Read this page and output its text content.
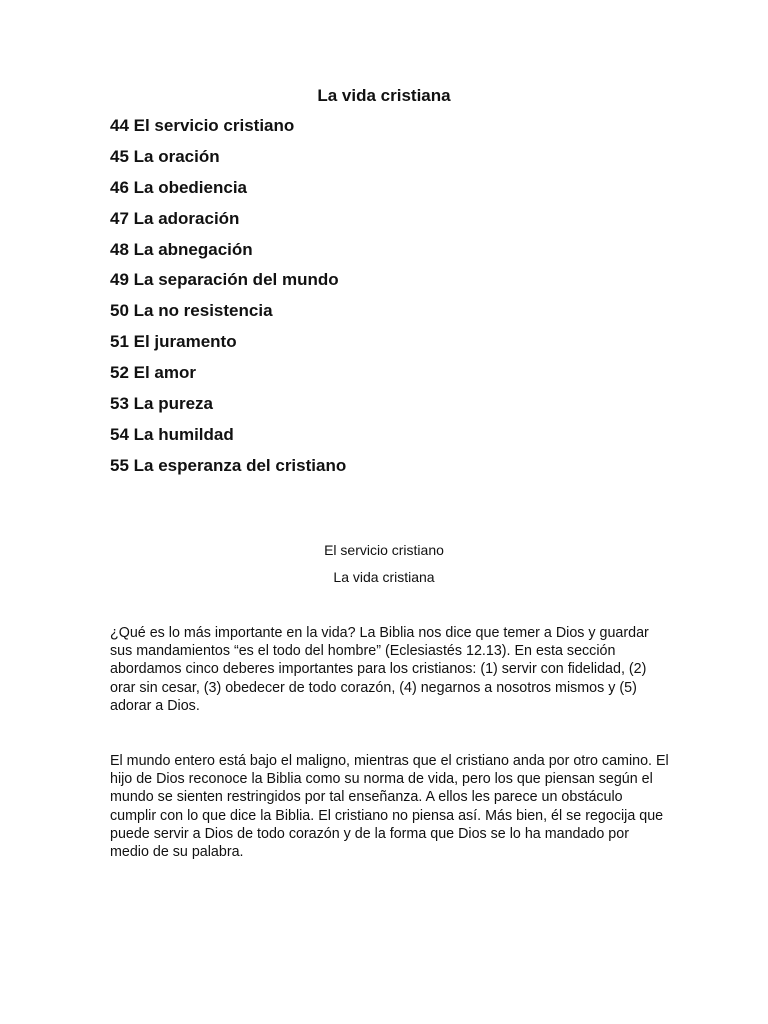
La vida cristiana
44 El servicio cristiano
45 La oración
46 La obediencia
47 La adoración
48 La abnegación
49 La separación del mundo
50 La no resistencia
51 El juramento
52 El amor
53 La pureza
54 La humildad
55 La esperanza del cristiano
El servicio cristiano
La vida cristiana

¿Qué es lo más importante en la vida? La Biblia nos dice que temer a Dios y guardar sus mandamientos “es el todo del hombre” (Eclesiastés 12.13). En esta sección abordamos cinco deberes importantes para los cristianos: (1) servir con fidelidad, (2) orar sin cesar, (3) obedecer de todo corazón, (4) negarnos a nosotros mismos y (5) adorar a Dios.

El mundo entero está bajo el maligno, mientras que el cristiano anda por otro camino. El hijo de Dios reconoce la Biblia como su norma de vida, pero los que piensan según el mundo se sienten restringidos por tal enseñanza. A ellos les parece un obstáculo cumplir con lo que dice la Biblia. El cristiano no piensa así. Más bien, él se regocija que puede servir a Dios de todo corazón y de la forma que Dios se lo ha mandado por medio de su palabra.
